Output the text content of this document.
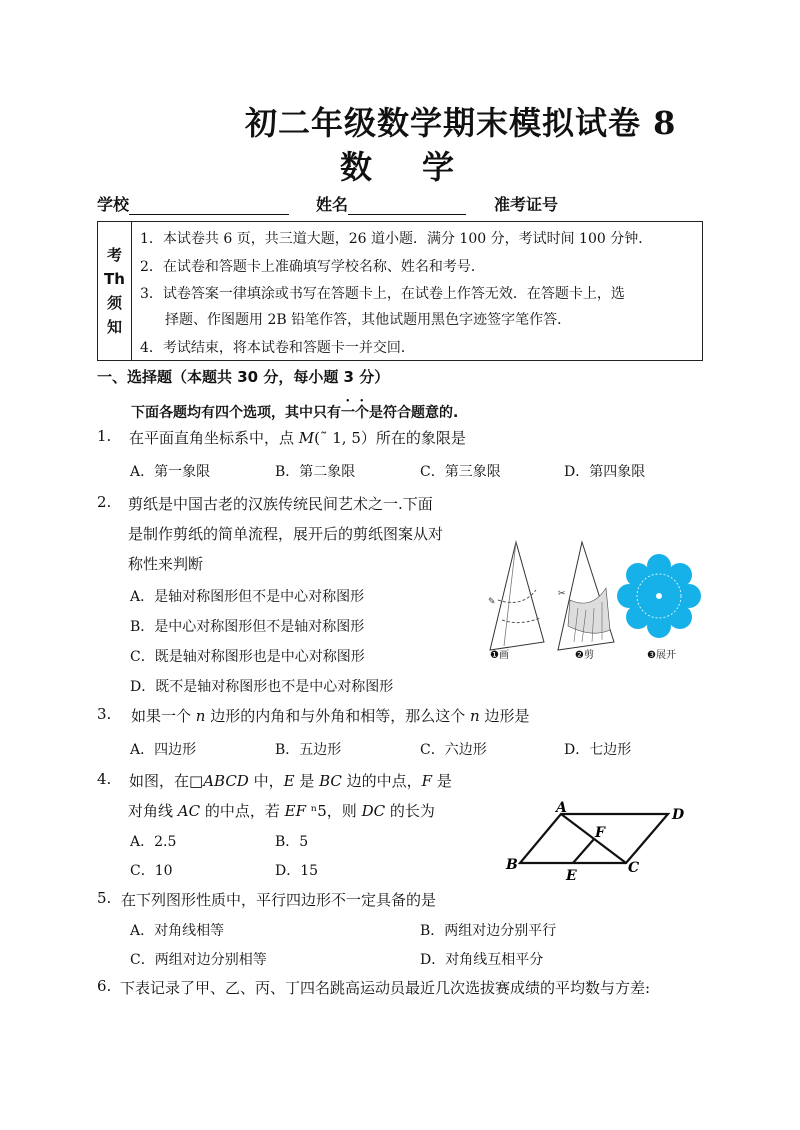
初二年级数学期末模拟试卷 8
数 学
学校	姓名	准考证号
考
Th
须
知
1．本试卷共 6 页，共三道大题，26 道小题．满分 100 分，考试时间 100 分钟．
2．在试卷和答题卡上准确填写学校名称、姓名和考号．
3．试卷答案一律填涂或书写在答题卡上，在试卷上作答无效．在答题卡上，选
择题、作图题用 2B 铅笔作答，其他试题用黑色字迹签字笔作答．
4．考试结束，将本试卷和答题卡一并交回．
一、选择题（本题共 30 分，每小题 3 分）
下面各题均有四个选项，其中只有一个是符合题意的.
1. 在平面直角坐标系中，点 M(˜ 1, 5）所在的象限是
A．第一象限	B．第二象限	C．第三象限	D．第四象限
2. 剪纸是中国古老的汉族传统民间艺术之一.下面
是制作剪纸的简单流程，展开后的剪纸图案从对
称性来判断
A．是轴对称图形但不是中心对称图形
B．是中心对称图形但不是轴对称图形
C．既是轴对称图形也是中心对称图形
D．既不是轴对称图形也不是中心对称图形
✎
✂
❶画	❷剪	❸展开
3. 如果一个 n 边形的内角和与外角和相等，那么这个 n 边形是
A．四边形	B．五边形	C．六边形	D．七边形
4. 如图，在□ABCD 中，E 是 BC 边的中点，F 是
对角线 AC 的中点，若 EF ⁿ5，则 DC 的长为
A．2.5	B．5
C．10	D．15
A	D
F
B
E	C
5. 在下列图形性质中，平行四边形不一定具备的是
A．对角线相等	B．两组对边分别平行
C．两组对边分别相等	D．对角线互相平分
6. 下表记录了甲、乙、丙、丁四名跳高运动员最近几次选拔赛成绩的平均数与方差:
